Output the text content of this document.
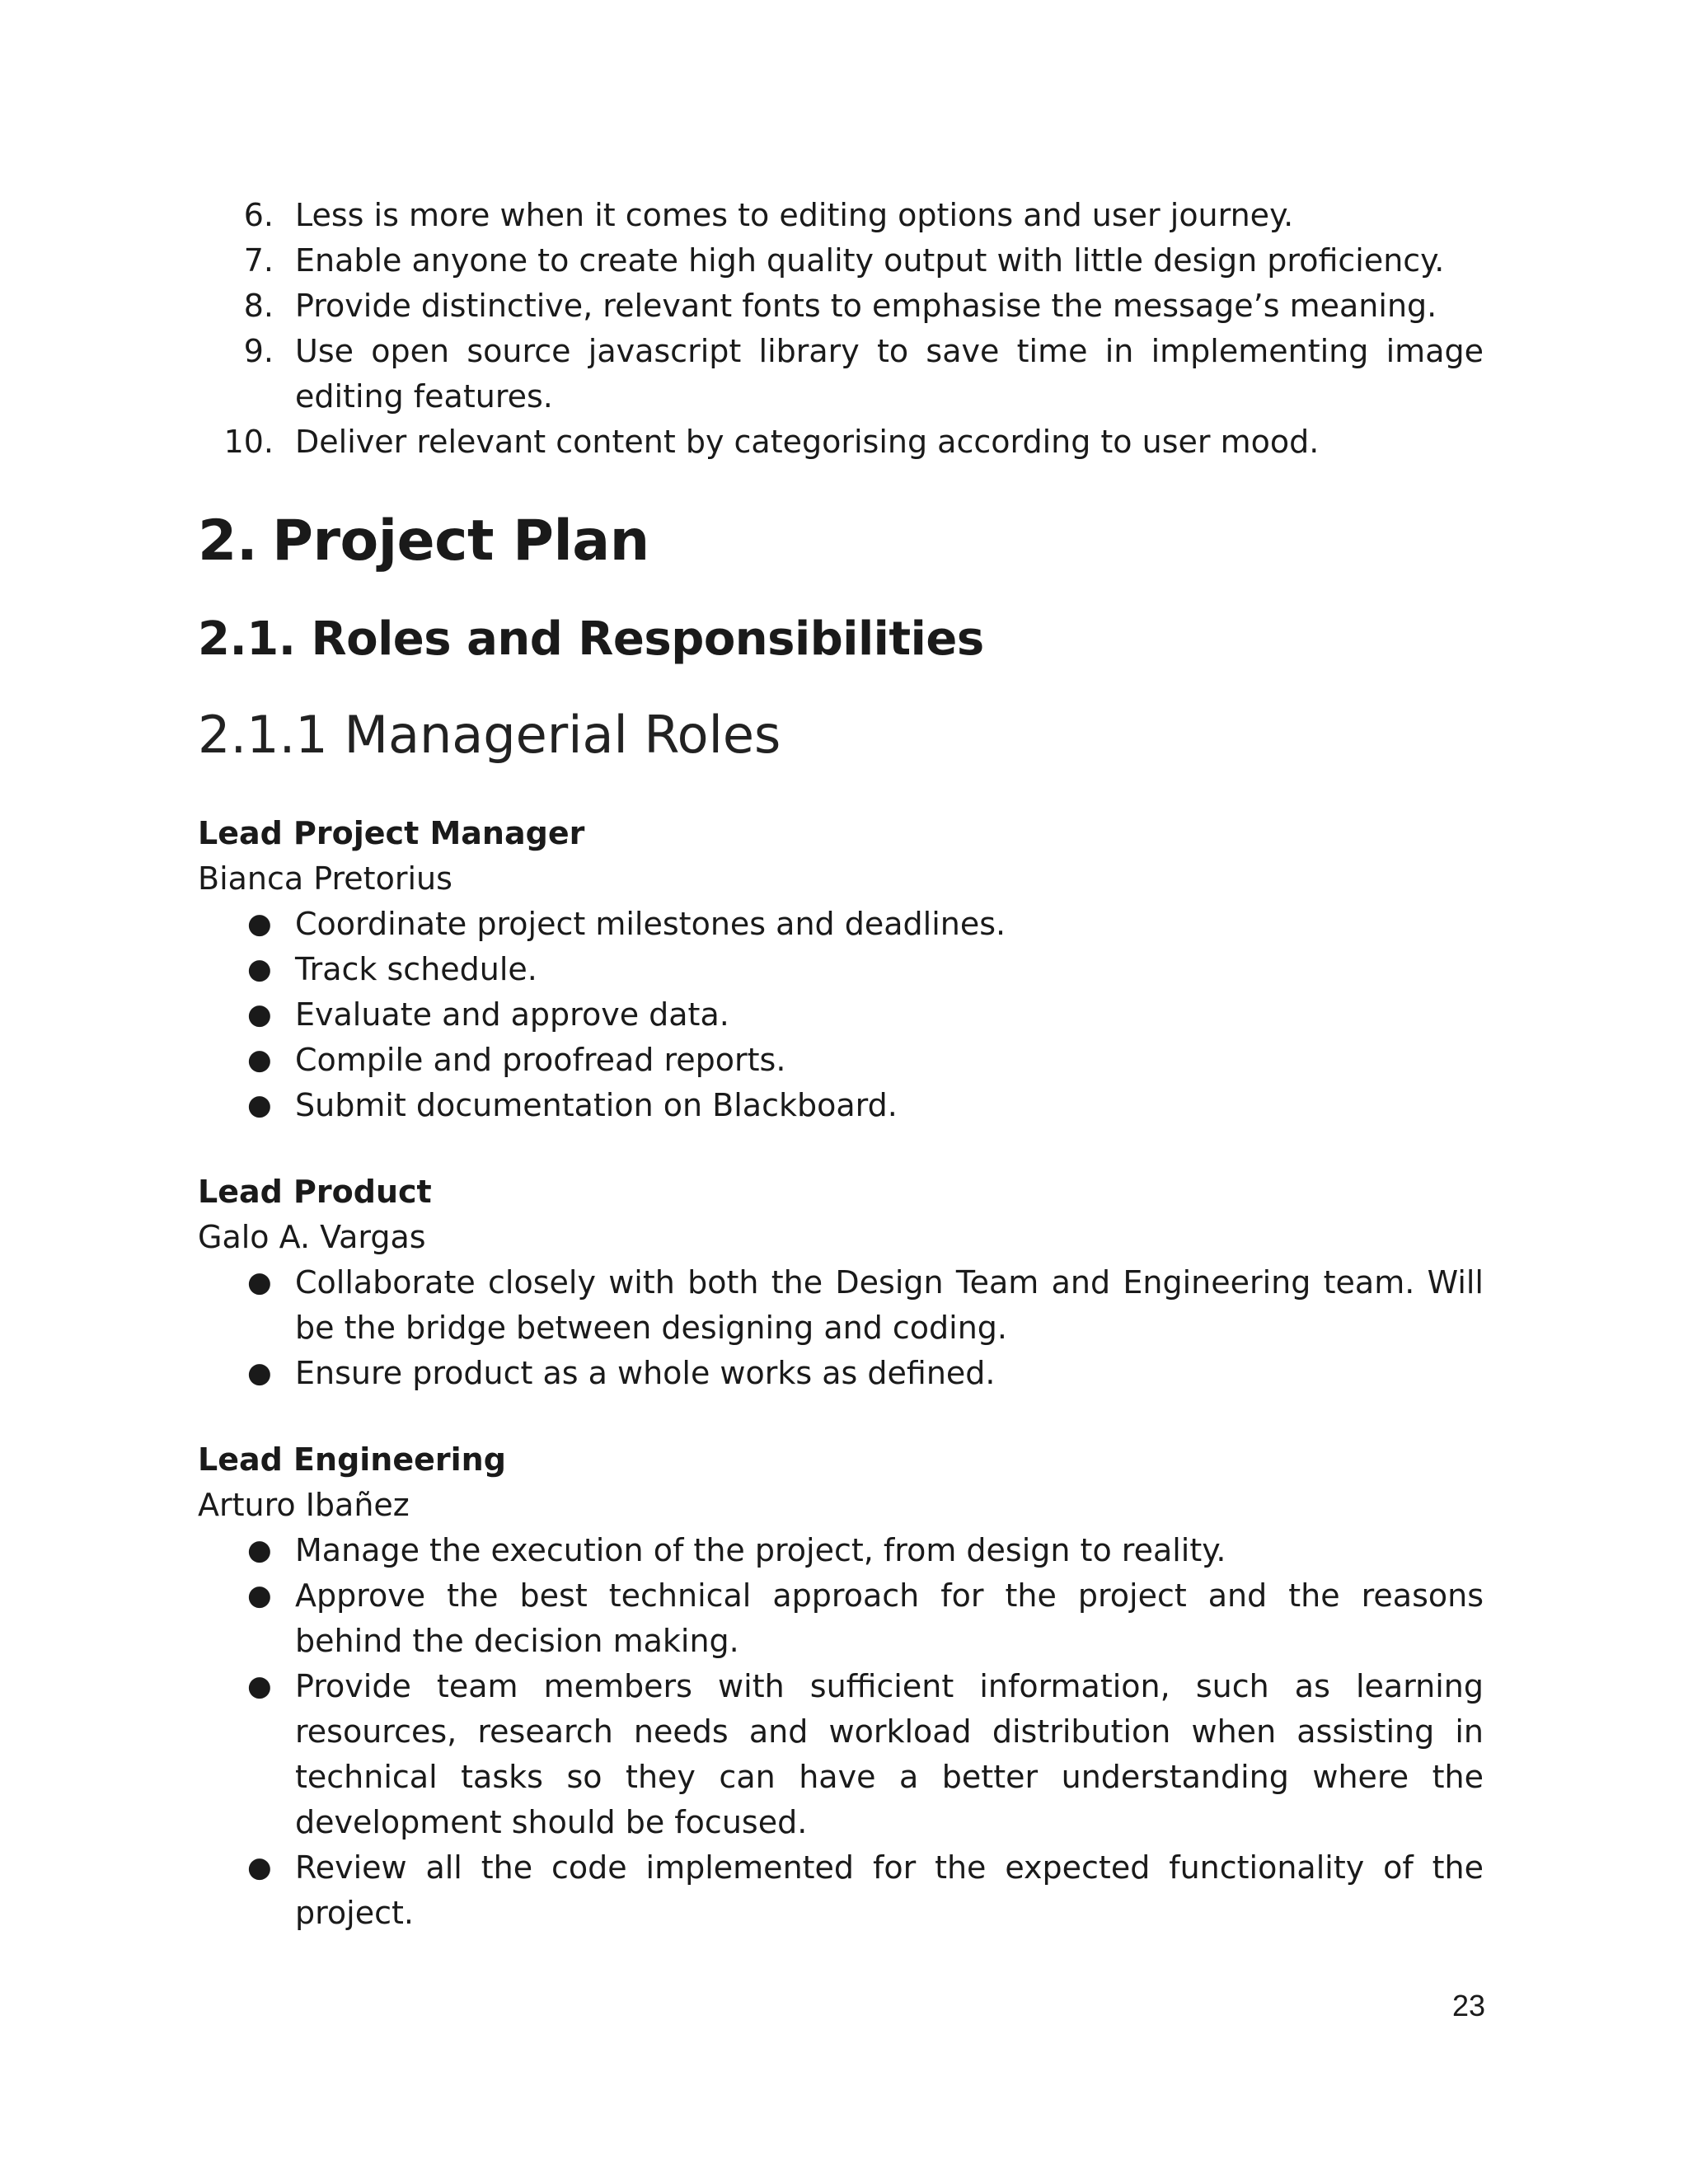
6. Less is more when it comes to editing options and user journey.
7. Enable anyone to create high quality output with little design proficiency.
8. Provide distinctive, relevant fonts to emphasise the message’s meaning.
9. Use open source javascript library to save time in implementing image editing features.
10. Deliver relevant content by categorising according to user mood.
2. Project Plan
2.1. Roles and Responsibilities
2.1.1 Managerial Roles
Lead Project Manager
Bianca Pretorius
● Coordinate project milestones and deadlines.
● Track schedule.
● Evaluate and approve data.
● Compile and proofread reports.
● Submit documentation on Blackboard.
Lead Product
Galo A. Vargas
● Collaborate closely with both the Design Team and Engineering team. Will be the bridge between designing and coding.
● Ensure product as a whole works as defined.
Lead Engineering
Arturo Ibañez
● Manage the execution of the project, from design to reality.
● Approve the best technical approach for the project and the reasons behind the decision making.
● Provide team members with sufficient information, such as learning resources, research needs and workload distribution when assisting in technical tasks so they can have a better understanding where the development should be focused.
● Review all the code implemented for the expected functionality of the project.
23
